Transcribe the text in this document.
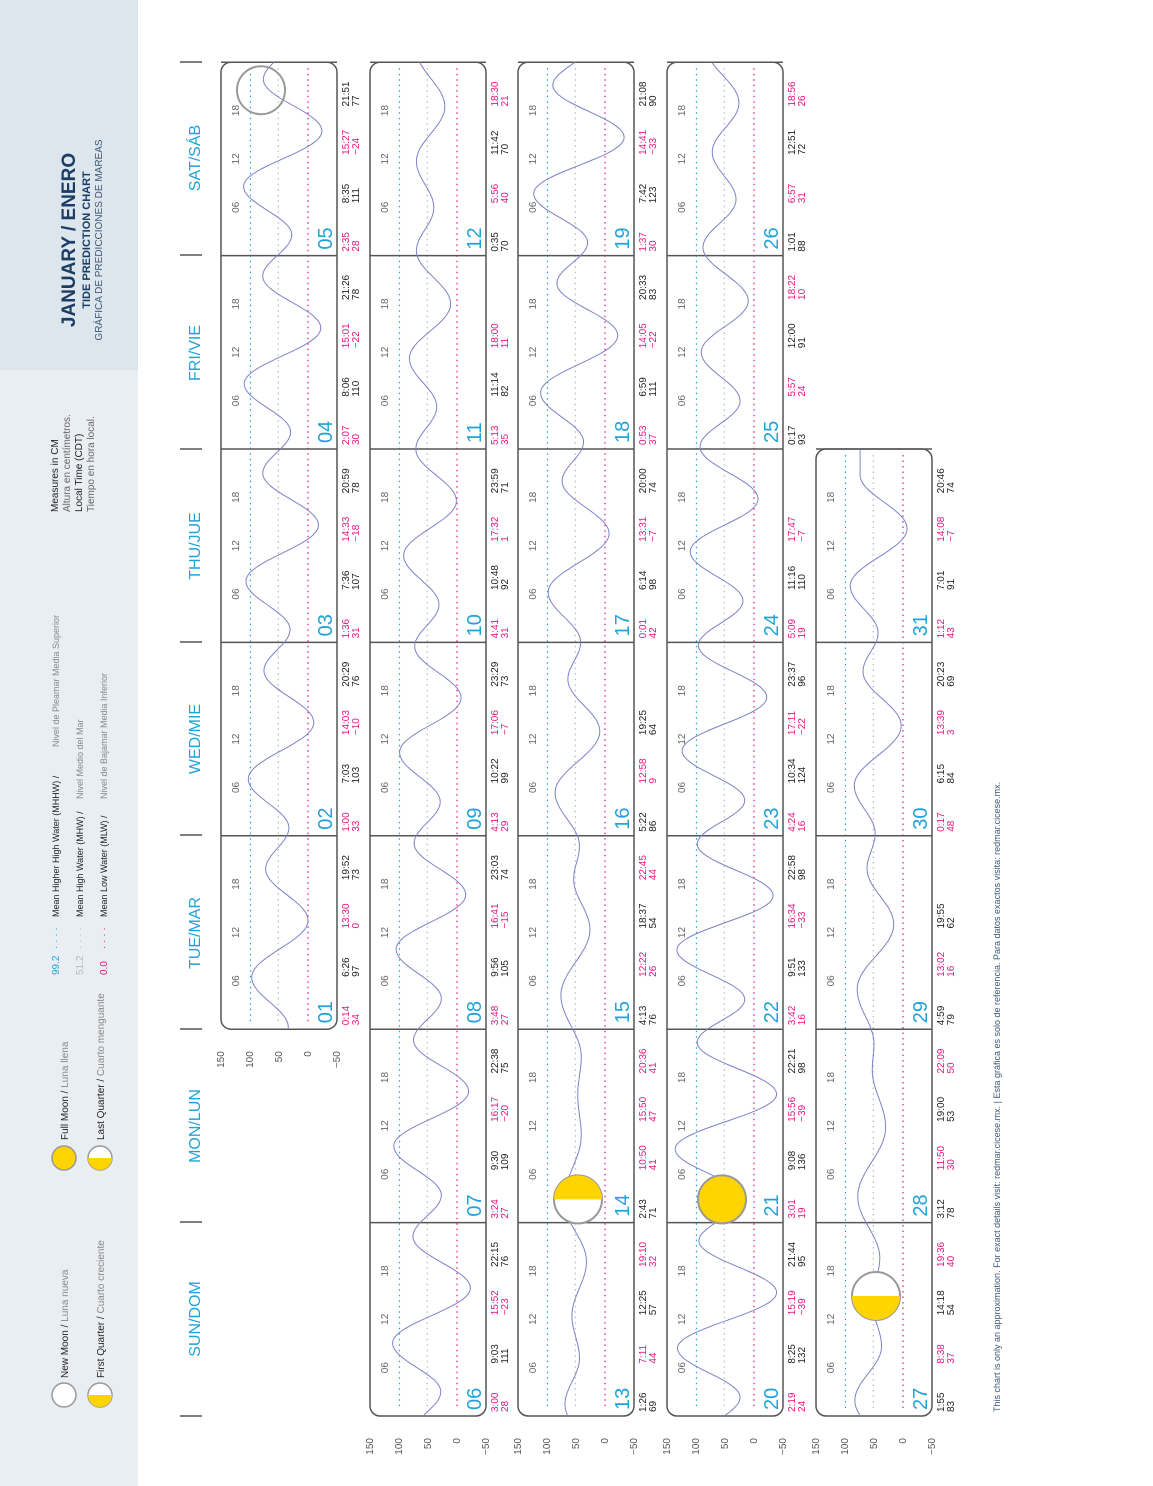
JANUARY / ENERO TIDE PREDICTION CHART GRÁFICA DE PREDICCIONES DE MAREAS
Measures in CM Altura en centímetros. Local Time (CDT) Tiempo en hora local.
99.2
· · · ·
Mean Higher High Water (MHHW) /
Nivel de Pleamar Media Superior
51.2
· · · ·
Mean High Water (MHW) /
Nivel Medio del Mar
0.0
· · · ·
Mean Low Water (MLW) /
Nivel de Bajamar Media Inferior
New Moon / Luna nueva
First Quarter / Cuarto creciente
Full Moon / Luna llena
Last Quarter / Cuarto menguante
SUN/DOM
MON/LUN
TUE/MAR
WED/MIE
THU/JUE
FRI/VIE
SAT/SÁB
150 100 50 0 −50
150 100 50 0 −50 150 100 50 0 −50 150 100 50 0 −50 150 100 50 0 −50
06
12
18
01 0:14 34
6:26 97
13:30 0
19:52 73
06
12
18
02 1:00 33
7:03 103
14:03 −10
20:29 76
06
12
18
03 1:36 31
7:36 107
14:33 −18
20:59 78
06
12
18
04 2:07 30
8:06 110
15:01 −22
21:26 78
06
12
18
05 2:35 28
8:35 111
15:27 −24
21:51 77
06
12
18
06 3:00 28
9:03 111
15:52 −23
22:15 76
06
12
18
07 3:24 27
9:30 109
16:17 −20
22:38 75
06
12
18
08 3:48 27
9:56 105
16:41 −15
23:03 74
06
12
18
09 4:13 29
10:22 99
17:06 −7
23:29 73
06
12
18
10 4:41 31
10:48 92
17:32 1
23:59 71
06
12
18
11 5:13 35
11:14 82
18:00 11
06
12
18
12 0:35 70
5:56 40
11:42 70
18:30 21
06
12
18
13 1:26 69
7:11 44
12:25 57
19:10 32
06
12
18
14 2:43 71
10:50 41
15:50 47
20:36 41
06
12
18
15 4:13 76
12:22 26
18:37 54
22:45 44
06
12
18
16 5:22 86
12:58 9
19:25 64
06
12
18
17 0:01 42
6:14 98
13:31 −7
20:00 74
06
12
18
18 0:53 37
6:59 111
14:05 −22
20:33 83
06
12
18
19 1:37 30
7:42 123
14:41 −33
21:08 90
06
12
18
20 2:19 24
8:25 132
15:19 −39
21:44 95
06
12
18
21 3:01 19
9:08 136
15:56 −39
22:21 98
06
12
18
22 3:42 16
9:51 133
16:34 −33
22:58 98
06
12
18
23 4:24 16
10:34 124
17:11 −22
23:37 96
06
12
18
24 5:09 19
11:16 110
17:47 −7
06
12
18
25 0:17 93
5:57 24
12:00 91
18:22 10
06
12
18
26 1:01 88
6:57 31
12:51 72
18:56 26
06
12
18
27 1:55 83
8:38 37
14:18 54
19:36 40
06
12
18
28 3:12 78
11:50 30
19:00 53
22:09 50
06
12
18
29 4:59 79
13:02 16
19:55 62
06
12
18
30 0:17 48
6:15 84
13:39 3
20:23 69
06
12
18
31 1:12 43
7:01 91
14:08 −7
20:46 74
This chart is only an approximation. For exact details visit: redmar.cicese.mx. | Esta gráfica es solo de referencia. Para datos exactos visita: redmar.cicese.mx.
